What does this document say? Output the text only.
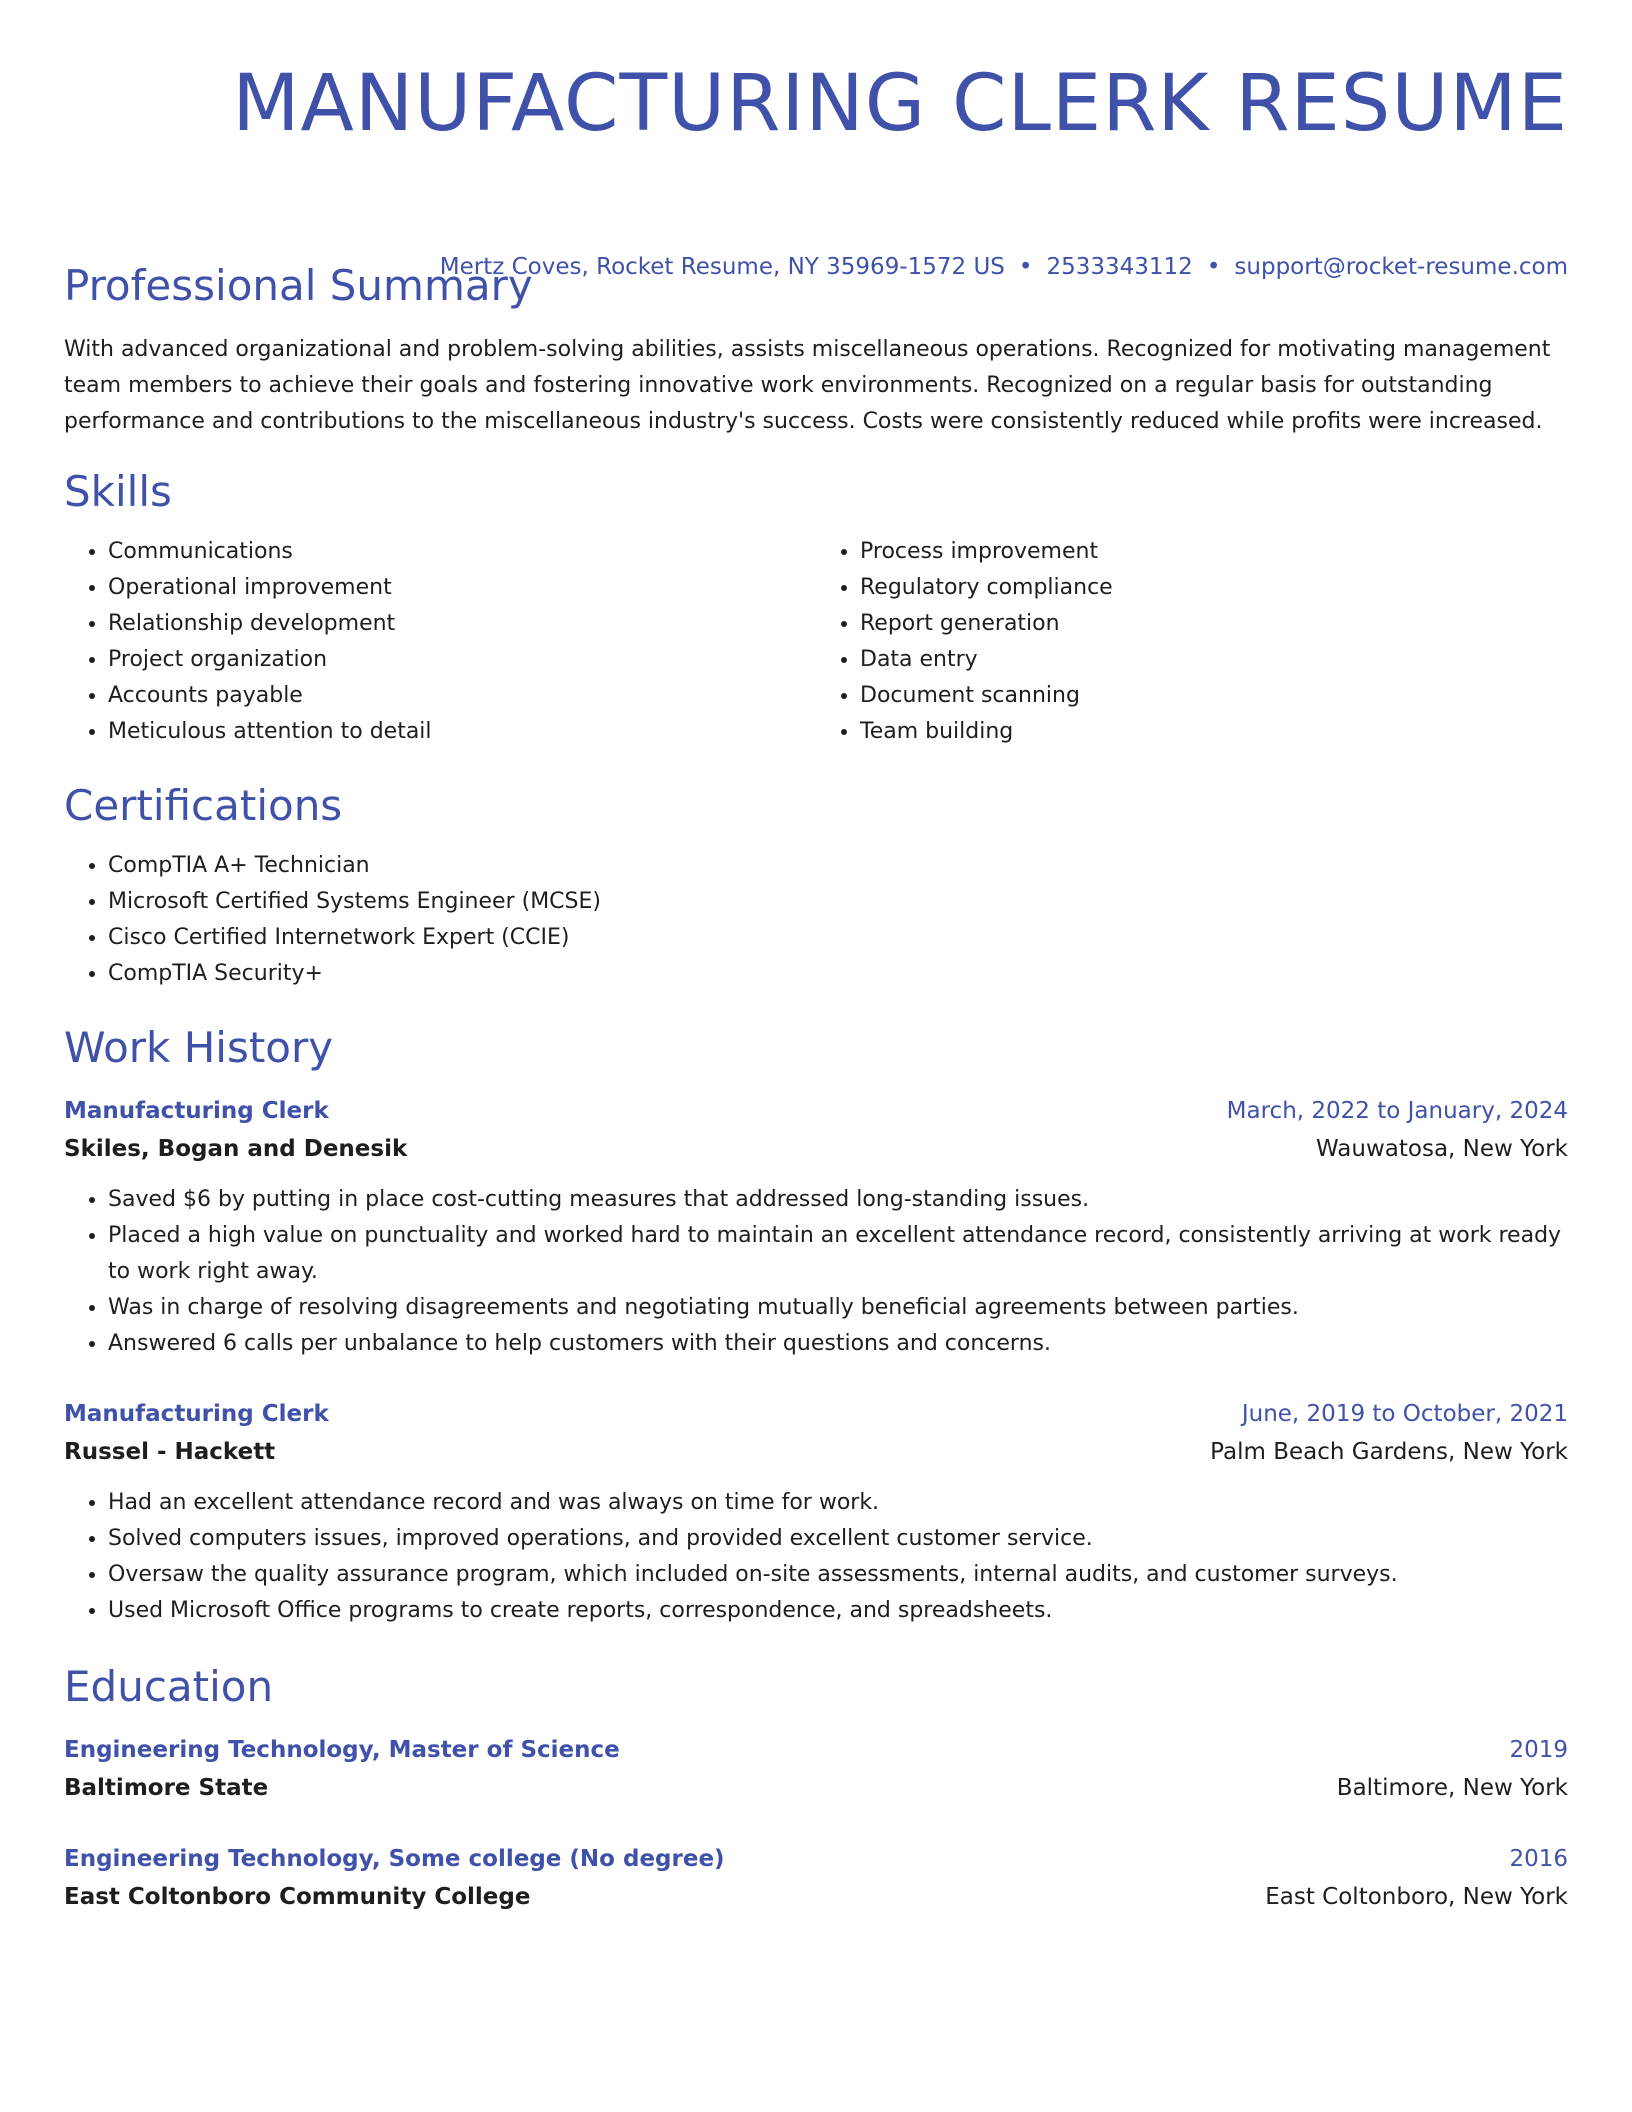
MANUFACTURING CLERK RESUME
Mertz Coves, Rocket Resume, NY 35969-1572 US • 2533343112 • support@rocket-resume.com
Professional Summary
With advanced organizational and problem-solving abilities, assists miscellaneous operations. Recognized for motivating management team members to achieve their goals and fostering innovative work environments. Recognized on a regular basis for outstanding performance and contributions to the miscellaneous industry's success. Costs were consistently reduced while profits were increased.
Skills
• Communications
• Operational improvement
• Relationship development
• Project organization
• Accounts payable
• Meticulous attention to detail
• Process improvement
• Regulatory compliance
• Report generation
• Data entry
• Document scanning
• Team building
Certifications
• CompTIA A+ Technician
• Microsoft Certified Systems Engineer (MCSE)
• Cisco Certified Internetwork Expert (CCIE)
• CompTIA Security+
Work History
Manufacturing Clerk	March, 2022 to January, 2024
Skiles, Bogan and Denesik	Wauwatosa, New York
• Saved $6 by putting in place cost-cutting measures that addressed long-standing issues.
• Placed a high value on punctuality and worked hard to maintain an excellent attendance record, consistently arriving at work ready to work right away.
• Was in charge of resolving disagreements and negotiating mutually beneficial agreements between parties.
• Answered 6 calls per unbalance to help customers with their questions and concerns.
Manufacturing Clerk	June, 2019 to October, 2021
Russel - Hackett	Palm Beach Gardens, New York
• Had an excellent attendance record and was always on time for work.
• Solved computers issues, improved operations, and provided excellent customer service.
• Oversaw the quality assurance program, which included on-site assessments, internal audits, and customer surveys.
• Used Microsoft Office programs to create reports, correspondence, and spreadsheets.
Education
Engineering Technology, Master of Science	2019
Baltimore State	Baltimore, New York
Engineering Technology, Some college (No degree)	2016
East Coltonboro Community College	East Coltonboro, New York
